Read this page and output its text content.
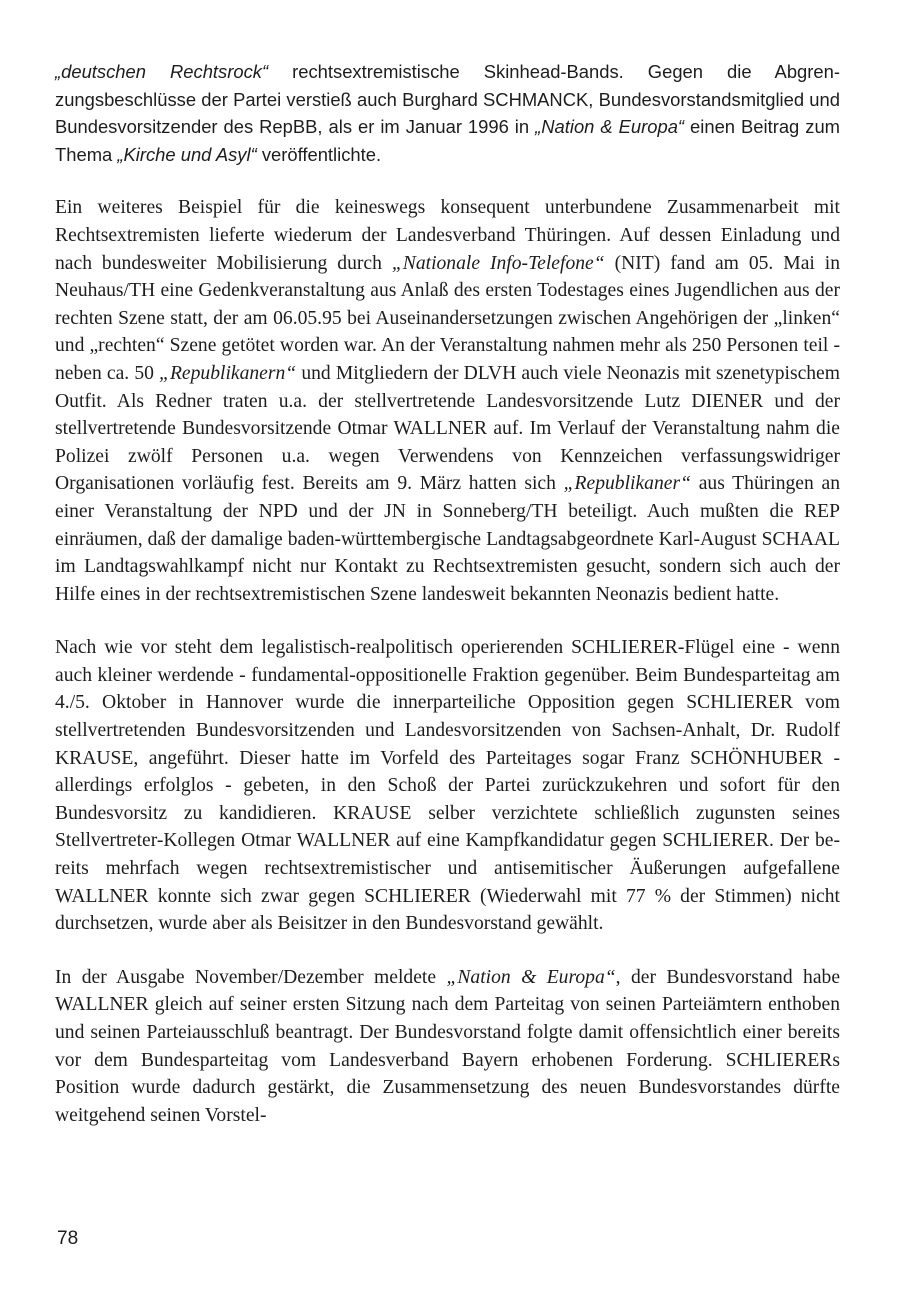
„deutschen Rechtsrock“ rechtsextremistische Skinhead-Bands. Gegen die Abgrenzungsbeschlüsse der Partei verstieß auch Burghard SCHMANCK, Bundesvorstandsmitglied und Bundesvorsitzender des RepBB, als er im Januar 1996 in „Nation & Europa“ einen Beitrag zum Thema „Kirche und Asyl“ veröffentlichte.

Ein weiteres Beispiel für die keineswegs konsequent unterbundene Zusammenarbeit mit Rechtsextremisten lieferte wiederum der Landesverband Thüringen. Auf dessen Einladung und nach bundesweiter Mobilisierung durch „Nationale Info-Telefone“ (NIT) fand am 05. Mai in Neuhaus/TH eine Gedenkveranstaltung aus Anlaß des ersten Todestages eines Jugendlichen aus der rechten Szene statt, der am 06.05.95 bei Auseinandersetzungen zwischen Angehörigen der „linken“ und „rechten“ Szene getötet worden war. An der Veranstaltung nahmen mehr als 250 Personen teil - neben ca. 50 „Republikanern“ und Mitgliedern der DLVH auch viele Neonazis mit szenetypischem Outfit. Als Redner traten u.a. der stellvertretende Landesvorsitzende Lutz DIENER und der stellvertretende Bundesvorsitzende Otmar WALLNER auf. Im Verlauf der Veranstaltung nahm die Polizei zwölf Personen u.a. wegen Verwendens von Kennzeichen verfassungswidriger Organisationen vorläufig fest. Bereits am 9. März hatten sich „Republikaner“ aus Thüringen an einer Veranstaltung der NPD und der JN in Sonneberg/TH beteiligt. Auch mußten die REP einräumen, daß der damalige baden-württembergische Landtagsabgeordnete Karl-August SCHAAL im Landtagswahlkampf nicht nur Kontakt zu Rechtsextremisten gesucht, sondern sich auch der Hilfe eines in der rechtsextremistischen Szene landesweit bekannten Neonazis bedient hatte.

Nach wie vor steht dem legalistisch-realpolitisch operierenden SCHLIERER-Flügel eine - wenn auch kleiner werdende - fundamental-oppositionelle Fraktion gegenüber. Beim Bundesparteitag am 4./5. Oktober in Hannover wurde die innerparteiliche Opposition gegen SCHLIERER vom stellvertretenden Bundesvorsitzenden und Landesvorsitzenden von Sachsen-Anhalt, Dr. Rudolf KRAUSE, angeführt. Dieser hatte im Vorfeld des Parteitages sogar Franz SCHÖNHUBER - allerdings erfolglos - gebeten, in den Schoß der Partei zurückzukehren und sofort für den Bundesvorsitz zu kandidieren. KRAUSE selber verzichtete schließlich zugunsten seines Stellvertreter-Kollegen Otmar WALLNER auf eine Kampfkandidatur gegen SCHLIERER. Der bereits mehrfach wegen rechtsextremistischer und antisemitischer Äußerungen aufgefallene WALLNER konnte sich zwar gegen SCHLIERER (Wiederwahl mit 77 % der Stimmen) nicht durchsetzen, wurde aber als Beisitzer in den Bundesvorstand gewählt.

In der Ausgabe November/Dezember meldete „Nation & Europa“, der Bundesvorstand habe WALLNER gleich auf seiner ersten Sitzung nach dem Parteitag von seinen Parteiämtern enthoben und seinen Parteiausschluß beantragt. Der Bundesvorstand folgte damit offensichtlich einer bereits vor dem Bundesparteitag vom Landesverband Bayern erhobenen Forderung. SCHLIERERs Position wurde dadurch gestärkt, die Zusammensetzung des neuen Bundesvorstandes dürfte weitgehend seinen Vorstel-

78
